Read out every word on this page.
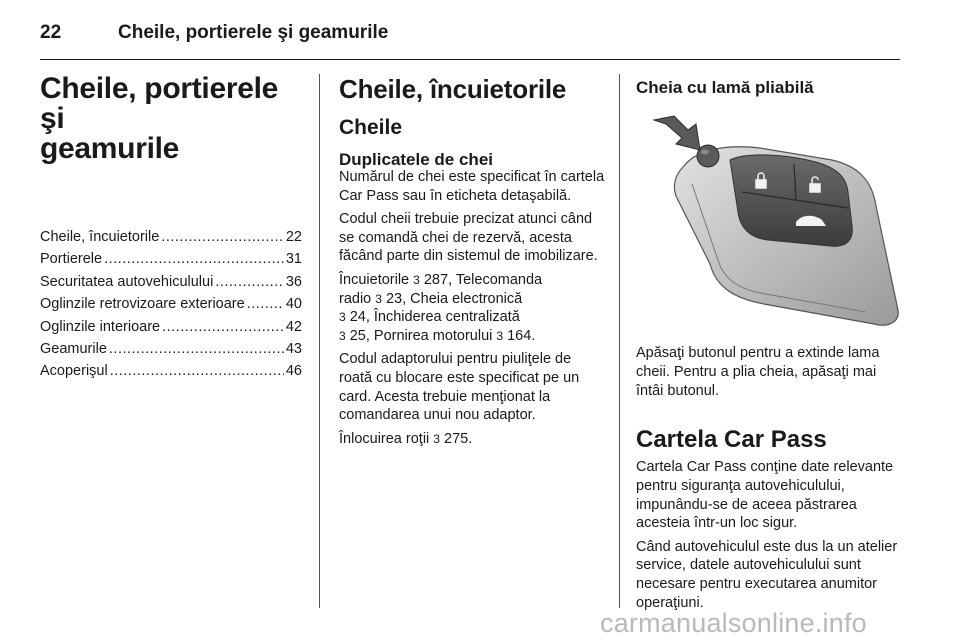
22	Cheile, portierele şi geamurile
Cheile, portierele şi
geamurile
Cheile, încuietorile .....	22
Portierele .....	31
Securitatea autovehiculului .....	36
Oglinzile retrovizoare exterioare .....	40
Oglinzile interioare .....	42
Geamurile .....	43
Acoperişul .....	46
Cheile, încuietorile
Cheile
Duplicatele de chei

Numărul de chei este specificat în cartela Car Pass sau în eticheta detaşabilă.

Codul cheii trebuie precizat atunci când se comandă chei de rezervă, acesta făcând parte din sistemul de imobilizare.

Încuietorile 3 287, Telecomanda
radio 3 23, Cheia electronică
3 24, Închiderea centralizată
3 25, Pornirea motorului 3 164.

Codul adaptorului pentru piuliţele de roată cu blocare este specificat pe un card. Acesta trebuie menţionat la comandarea unui nou adaptor.

Înlocuirea roţii 3 275.

Cheia cu lamă pliabilă

Apăsaţi butonul pentru a extinde lama cheii. Pentru a plia cheia, apăsaţi mai întâi butonul.

Cartela Car Pass

Cartela Car Pass conţine date relevante pentru siguranţa autovehiculului, impunându-se de aceea păstrarea acesteia într-un loc sigur.

Când autovehiculul este dus la un atelier service, datele autovehiculului sunt necesare pentru executarea anumitor operaţiuni.

carmanualsonline.info
